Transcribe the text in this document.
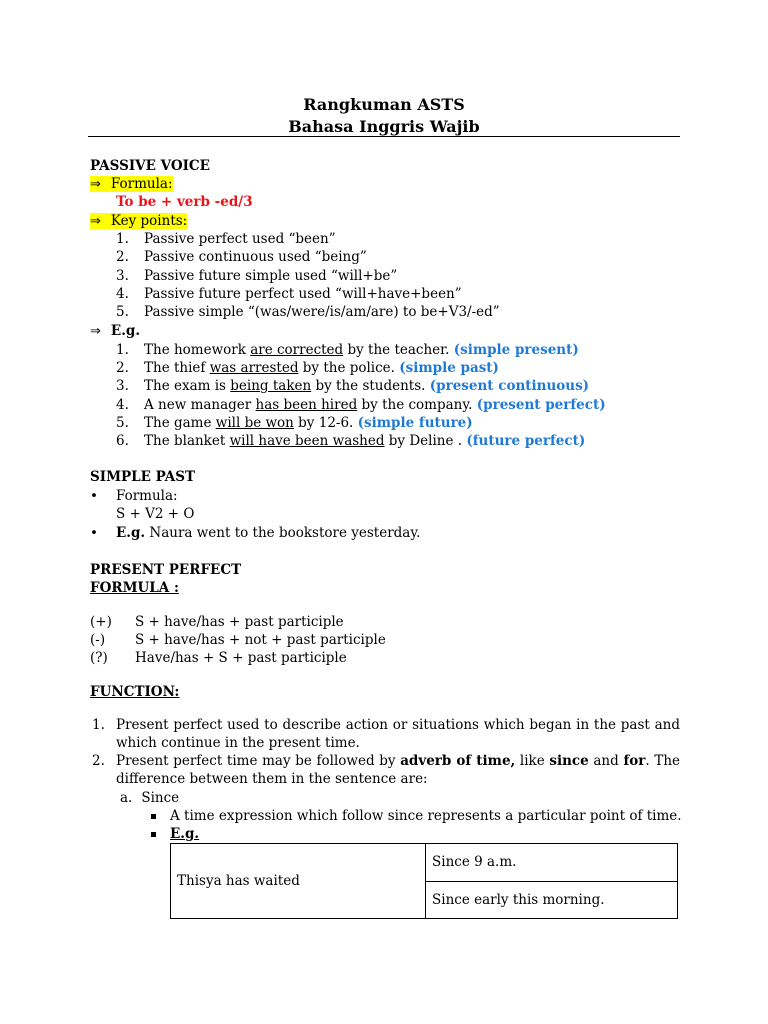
Rangkuman ASTS
Bahasa Inggris Wajib
PASSIVE VOICE
⇒ Formula:
To be + verb -ed/3
⇒ Key points:
1.	Passive perfect used “been”
2.	Passive continuous used “being”
3.	Passive future simple used “will+be”
4.	Passive future perfect used “will+have+been”
5.	Passive simple “(was/were/is/am/are) to be+V3/-ed”
⇒ E.g.
1.	The homework are corrected by the teacher. (simple present)
2.	The thief was arrested by the police. (simple past)
3.	The exam is being taken by the students. (present continuous)
4.	A new manager has been hired by the company. (present perfect)
5.	The game will be won by 12-6. (simple future)
6.	The blanket will have been washed by Deline . (future perfect)
SIMPLE PAST
• Formula:
S + V2 + O
• E.g. Naura went to the bookstore yesterday.
PRESENT PERFECT
FORMULA :
(+) S + have/has + past participle
(-) S + have/has + not + past participle
(?) Have/has + S + past participle
FUNCTION:
1. Present perfect used to describe action or situations which began in the past and which continue in the present time.
2. Present perfect time may be followed by adverb of time, like since and for. The difference between them in the sentence are:
a. Since
A time expression which follow since represents a particular point of time.
E.g.
Thisya has waited	Since 9 a.m.
Since early this morning.
